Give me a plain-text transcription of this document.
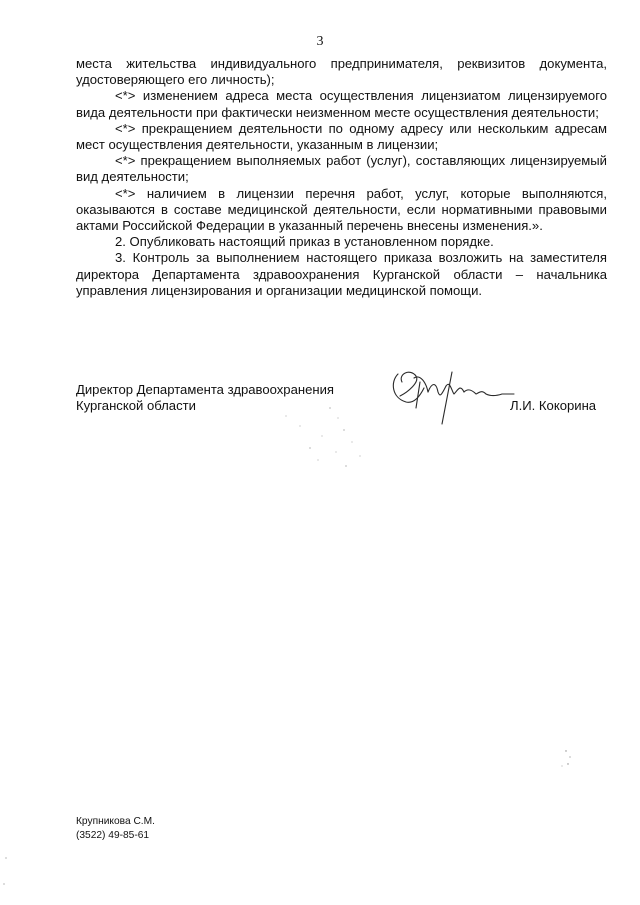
3

места жительства индивидуального предпринимателя, реквизитов документа, удостоверяющего его личность);

<*> изменением адреса места осуществления лицензиатом лицензируемого вида деятельности при фактически неизменном месте осуществления деятельности;

<*> прекращением деятельности по одному адресу или нескольким адресам мест осуществления деятельности, указанным в лицензии;

<*> прекращением выполняемых работ (услуг), составляющих лицензируемый вид деятельности;

<*> наличием в лицензии перечня работ, услуг, которые выполняются, оказываются в составе медицинской деятельности, если нормативными правовыми актами Российской Федерации в указанный перечень внесены изменения.».

2. Опубликовать настоящий приказ в установленном порядке.

3. Контроль за выполнением настоящего приказа возложить на заместителя директора Департамента здравоохранения Курганской области – начальника управления лицензирования и организации медицинской помощи.

Директор Департамента здравоохранения
Курганской области	Л.И. Кокорина
Крупникова С.М.
(3522) 49-85-61
